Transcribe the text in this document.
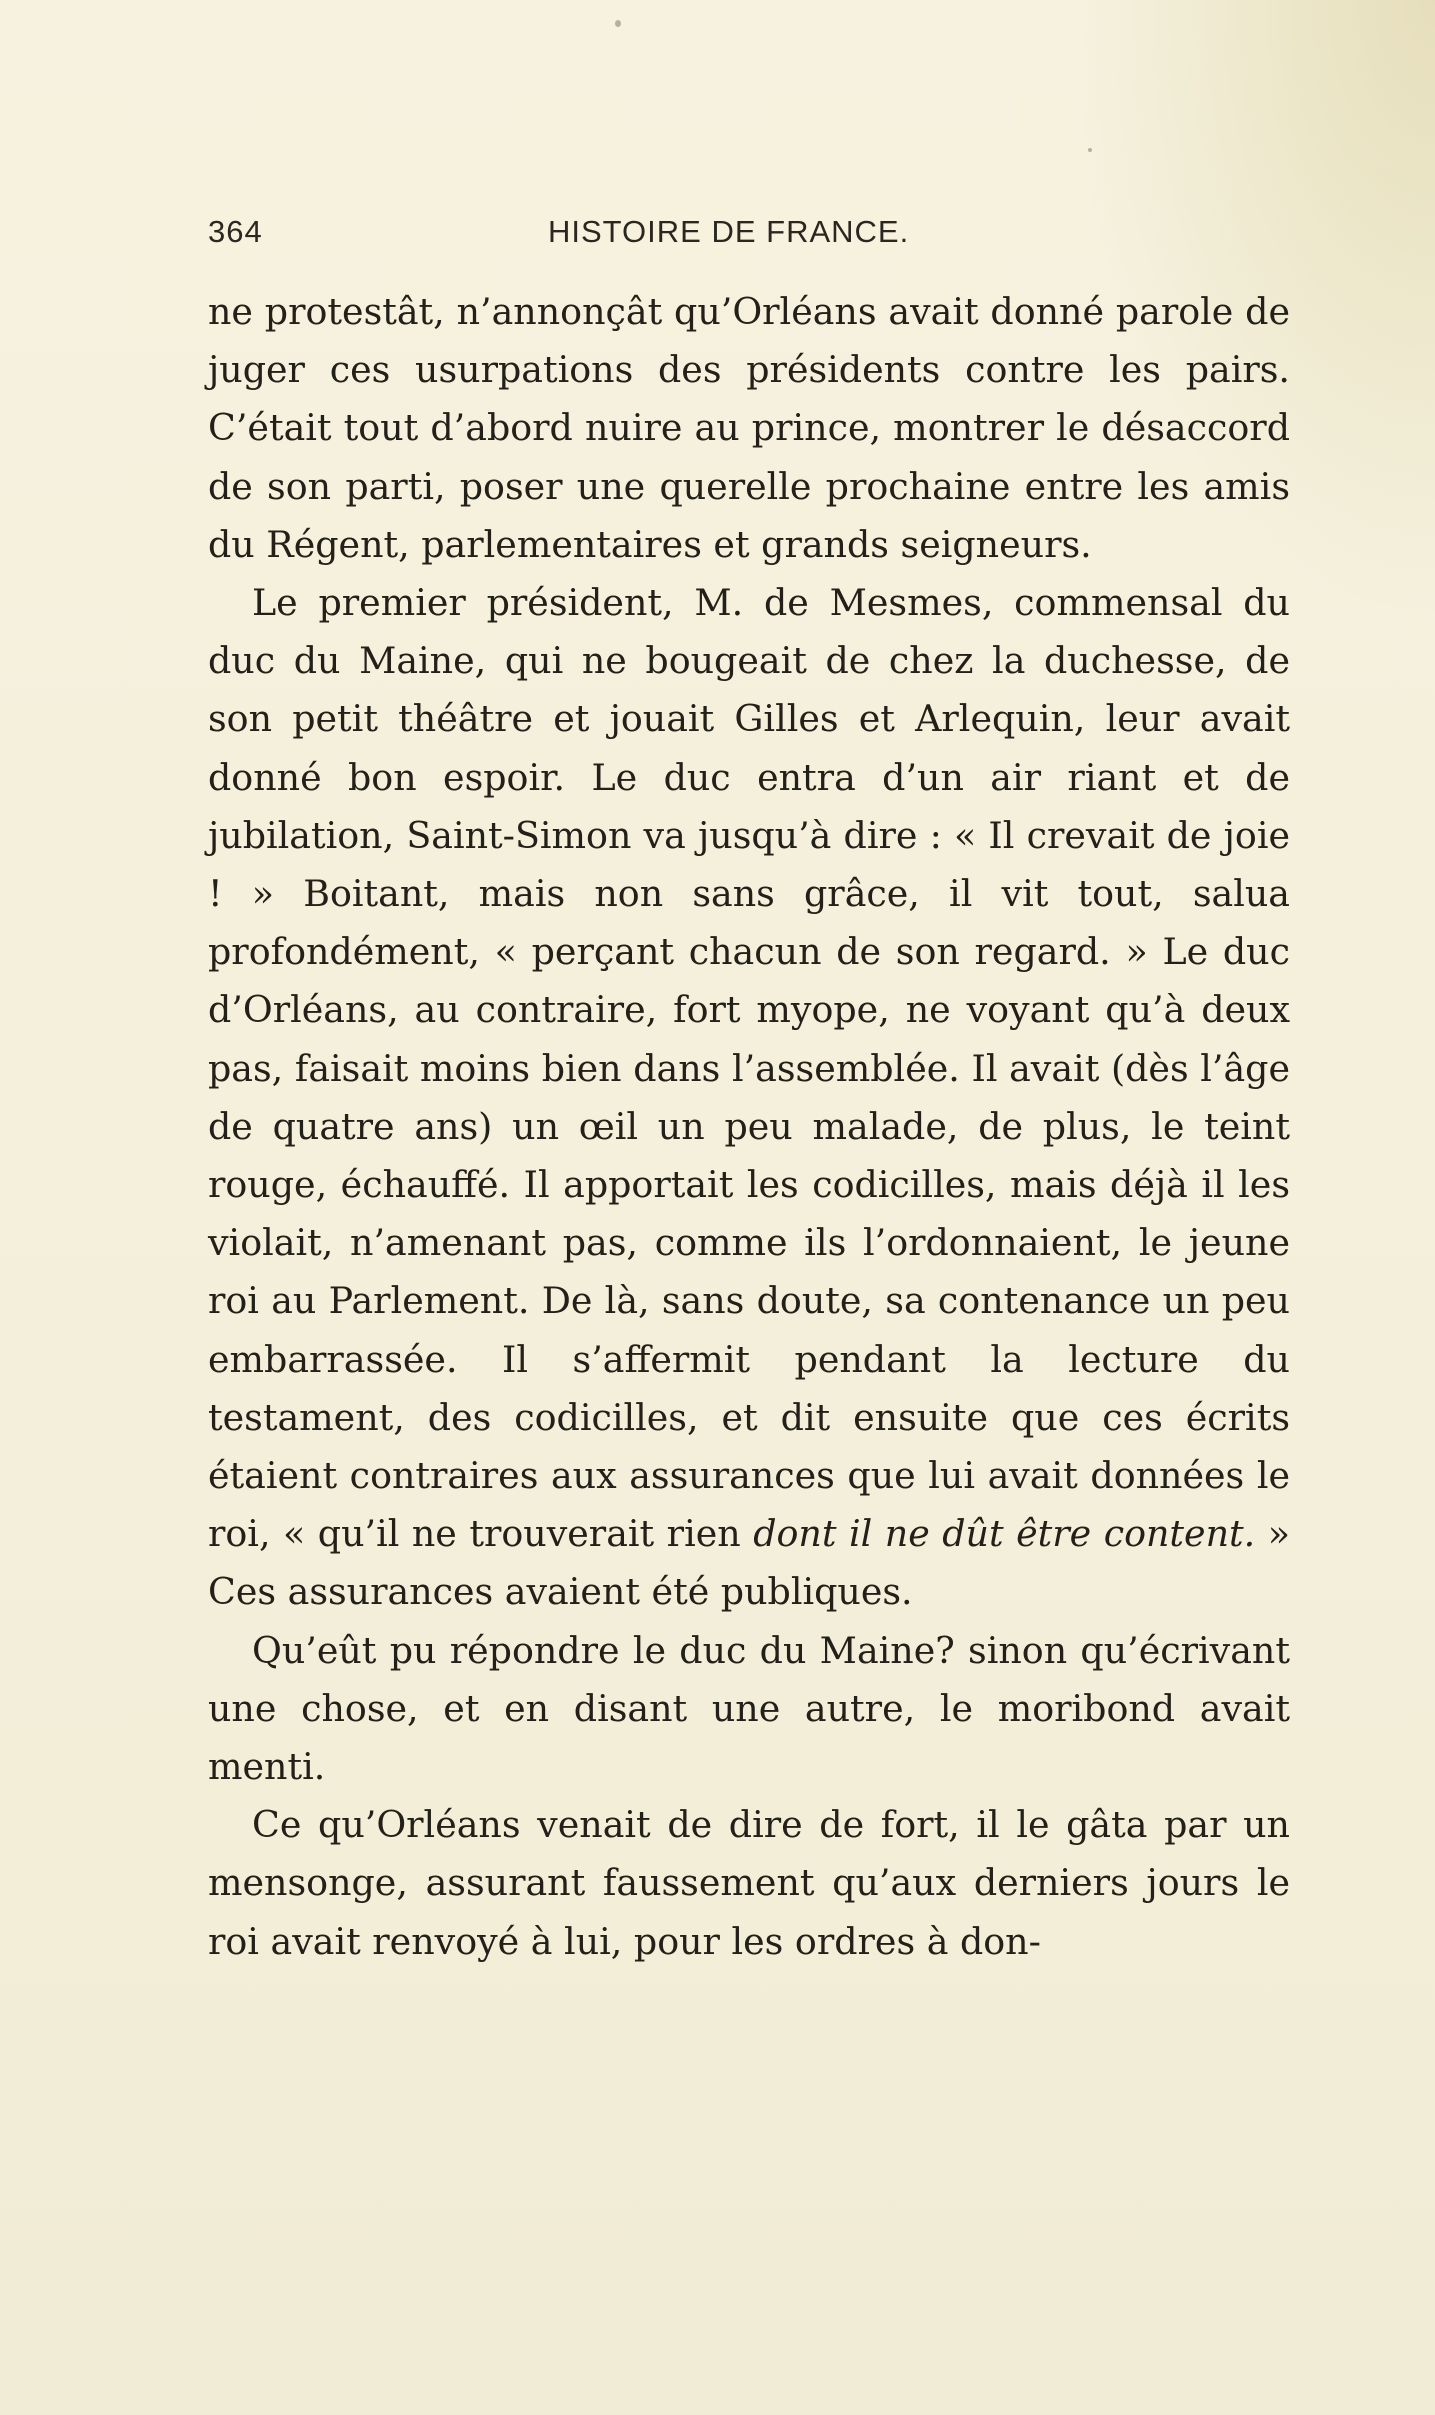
364	HISTOIRE DE FRANCE.

ne protestât, n’annonçât qu’Orléans avait donné parole de juger ces usurpations des présidents contre les pairs. C’était tout d’abord nuire au prince, montrer le désaccord de son parti, poser une querelle prochaine entre les amis du Régent, parlementaires et grands seigneurs.

Le premier président, M. de Mesmes, commensal du duc du Maine, qui ne bougeait de chez la duchesse, de son petit théâtre et jouait Gilles et Arlequin, leur avait donné bon espoir. Le duc entra d’un air riant et de jubilation, Saint-Simon va jusqu’à dire : « Il crevait de joie ! » Boitant, mais non sans grâce, il vit tout, salua profondément, « perçant chacun de son regard. » Le duc d’Orléans, au contraire, fort myope, ne voyant qu’à deux pas, faisait moins bien dans l’assemblée. Il avait (dès l’âge de quatre ans) un œil un peu malade, de plus, le teint rouge, échauffé. Il apportait les codicilles, mais déjà il les violait, n’amenant pas, comme ils l’ordonnaient, le jeune roi au Parlement. De là, sans doute, sa contenance un peu embarrassée. Il s’affermit pendant la lecture du testament, des codicilles, et dit ensuite que ces écrits étaient contraires aux assurances que lui avait données le roi, « qu’il ne trouverait rien dont il ne dût être content. » Ces assurances avaient été publiques.

Qu’eût pu répondre le duc du Maine? sinon qu’écrivant une chose, et en disant une autre, le moribond avait menti.

Ce qu’Orléans venait de dire de fort, il le gâta par un mensonge, assurant faussement qu’aux derniers jours le roi avait renvoyé à lui, pour les ordres à don-
